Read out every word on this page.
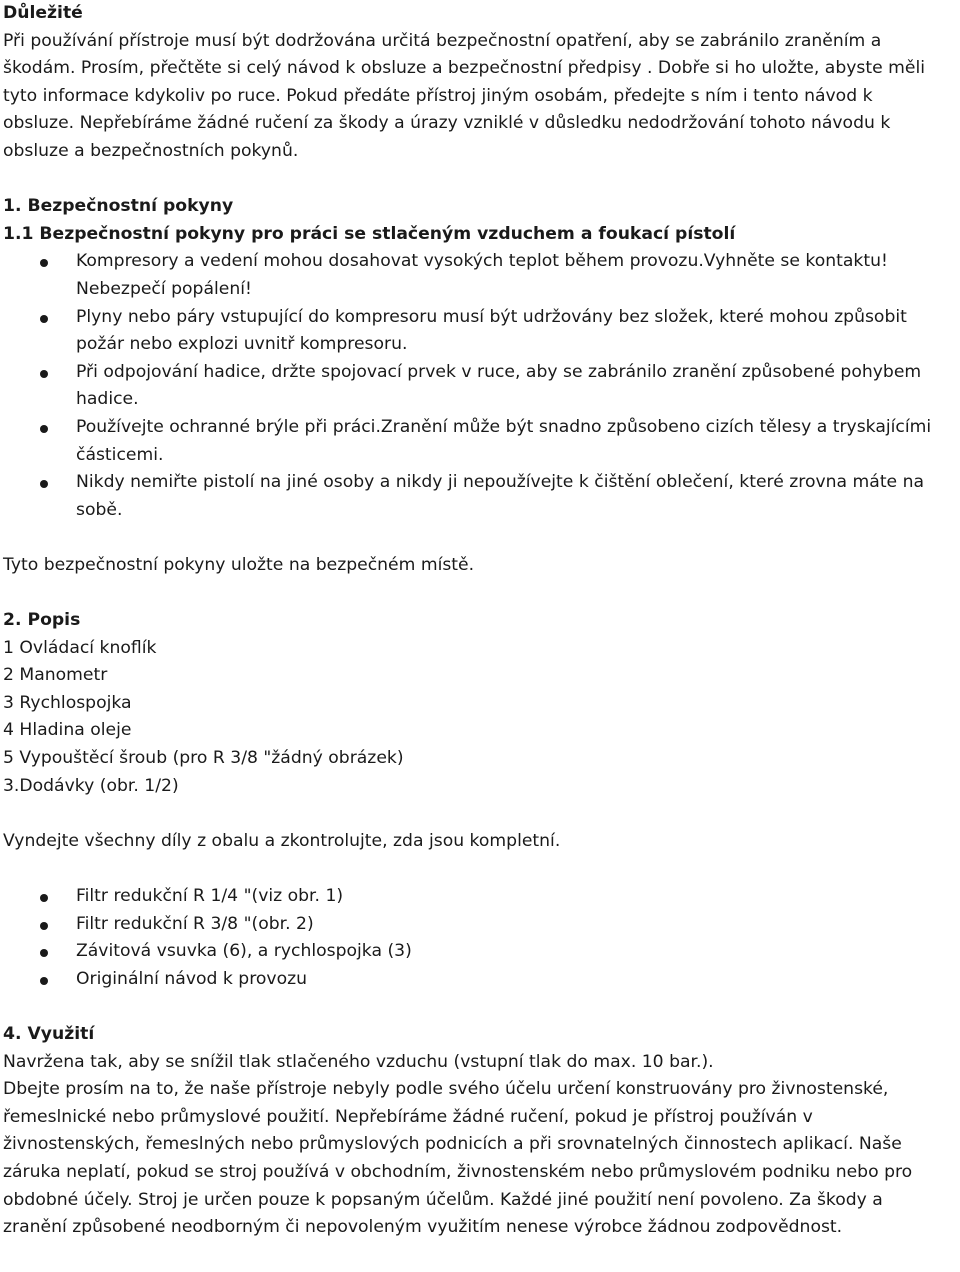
Důležité

Při používání přístroje musí být dodržována určitá bezpečnostní opatření, aby se zabránilo zraněním a škodám. Prosím, přečtěte si celý návod k obsluze a bezpečnostní předpisy . Dobře si ho uložte, abyste měli tyto informace kdykoliv po ruce. Pokud předáte přístroj jiným osobám, předejte s ním i tento návod k obsluze. Nepřebíráme žádné ručení za škody a úrazy vzniklé v důsledku nedodržování tohoto návodu k obsluze a bezpečnostních pokynů.

1. Bezpečnostní pokyny

1.1 Bezpečnostní pokyny pro práci se stlačeným vzduchem a foukací pístolí

Kompresory a vedení mohou dosahovat vysokých teplot během provozu.Vyhněte se kontaktu! Nebezpečí popálení!
Plyny nebo páry vstupující do kompresoru musí být udržovány bez složek, které mohou způsobit požár nebo explozi uvnitř kompresoru.
Při odpojování hadice, držte spojovací prvek v ruce, aby se zabránilo zranění způsobené pohybem hadice.
Používejte ochranné brýle při práci.Zranění může být snadno způsobeno cizích tělesy a tryskajícími částicemi.
Nikdy nemiřte pistolí na jiné osoby a nikdy ji nepoužívejte k čištění oblečení, které zrovna máte na sobě.

Tyto bezpečnostní pokyny uložte na bezpečném místě.

2. Popis

1 Ovládací knoflík

2 Manometr

3 Rychlospojka

4 Hladina oleje

5 Vypouštěcí šroub (pro R 3/8 "žádný obrázek)

3.Dodávky (obr. 1/2)

Vyndejte všechny díly z obalu a zkontrolujte, zda jsou kompletní.

Filtr redukční R 1/4 "(viz obr. 1)
Filtr redukční R 3/8 "(obr. 2)
Závitová vsuvka (6), a rychlospojka (3)
Originální návod k provozu

4. Využití

Navržena tak, aby se snížil tlak stlačeného vzduchu (vstupní tlak do max. 10 bar.).

Dbejte prosím na to, že naše přístroje nebyly podle svého účelu určení konstruovány pro živnostenské, řemeslnické nebo průmyslové použití. Nepřebíráme žádné ručení, pokud je přístroj používán v živnostenských, řemeslných nebo průmyslových podnicích a při srovnatelných činnostech aplikací. Naše záruka neplatí, pokud se stroj používá v obchodním, živnostenském nebo průmyslovém podniku nebo pro obdobné účely. Stroj je určen pouze k popsaným účelům. Každé jiné použití není povoleno. Za škody a zranění způsobené neodborným či nepovoleným využitím nenese výrobce žádnou zodpovědnost.
